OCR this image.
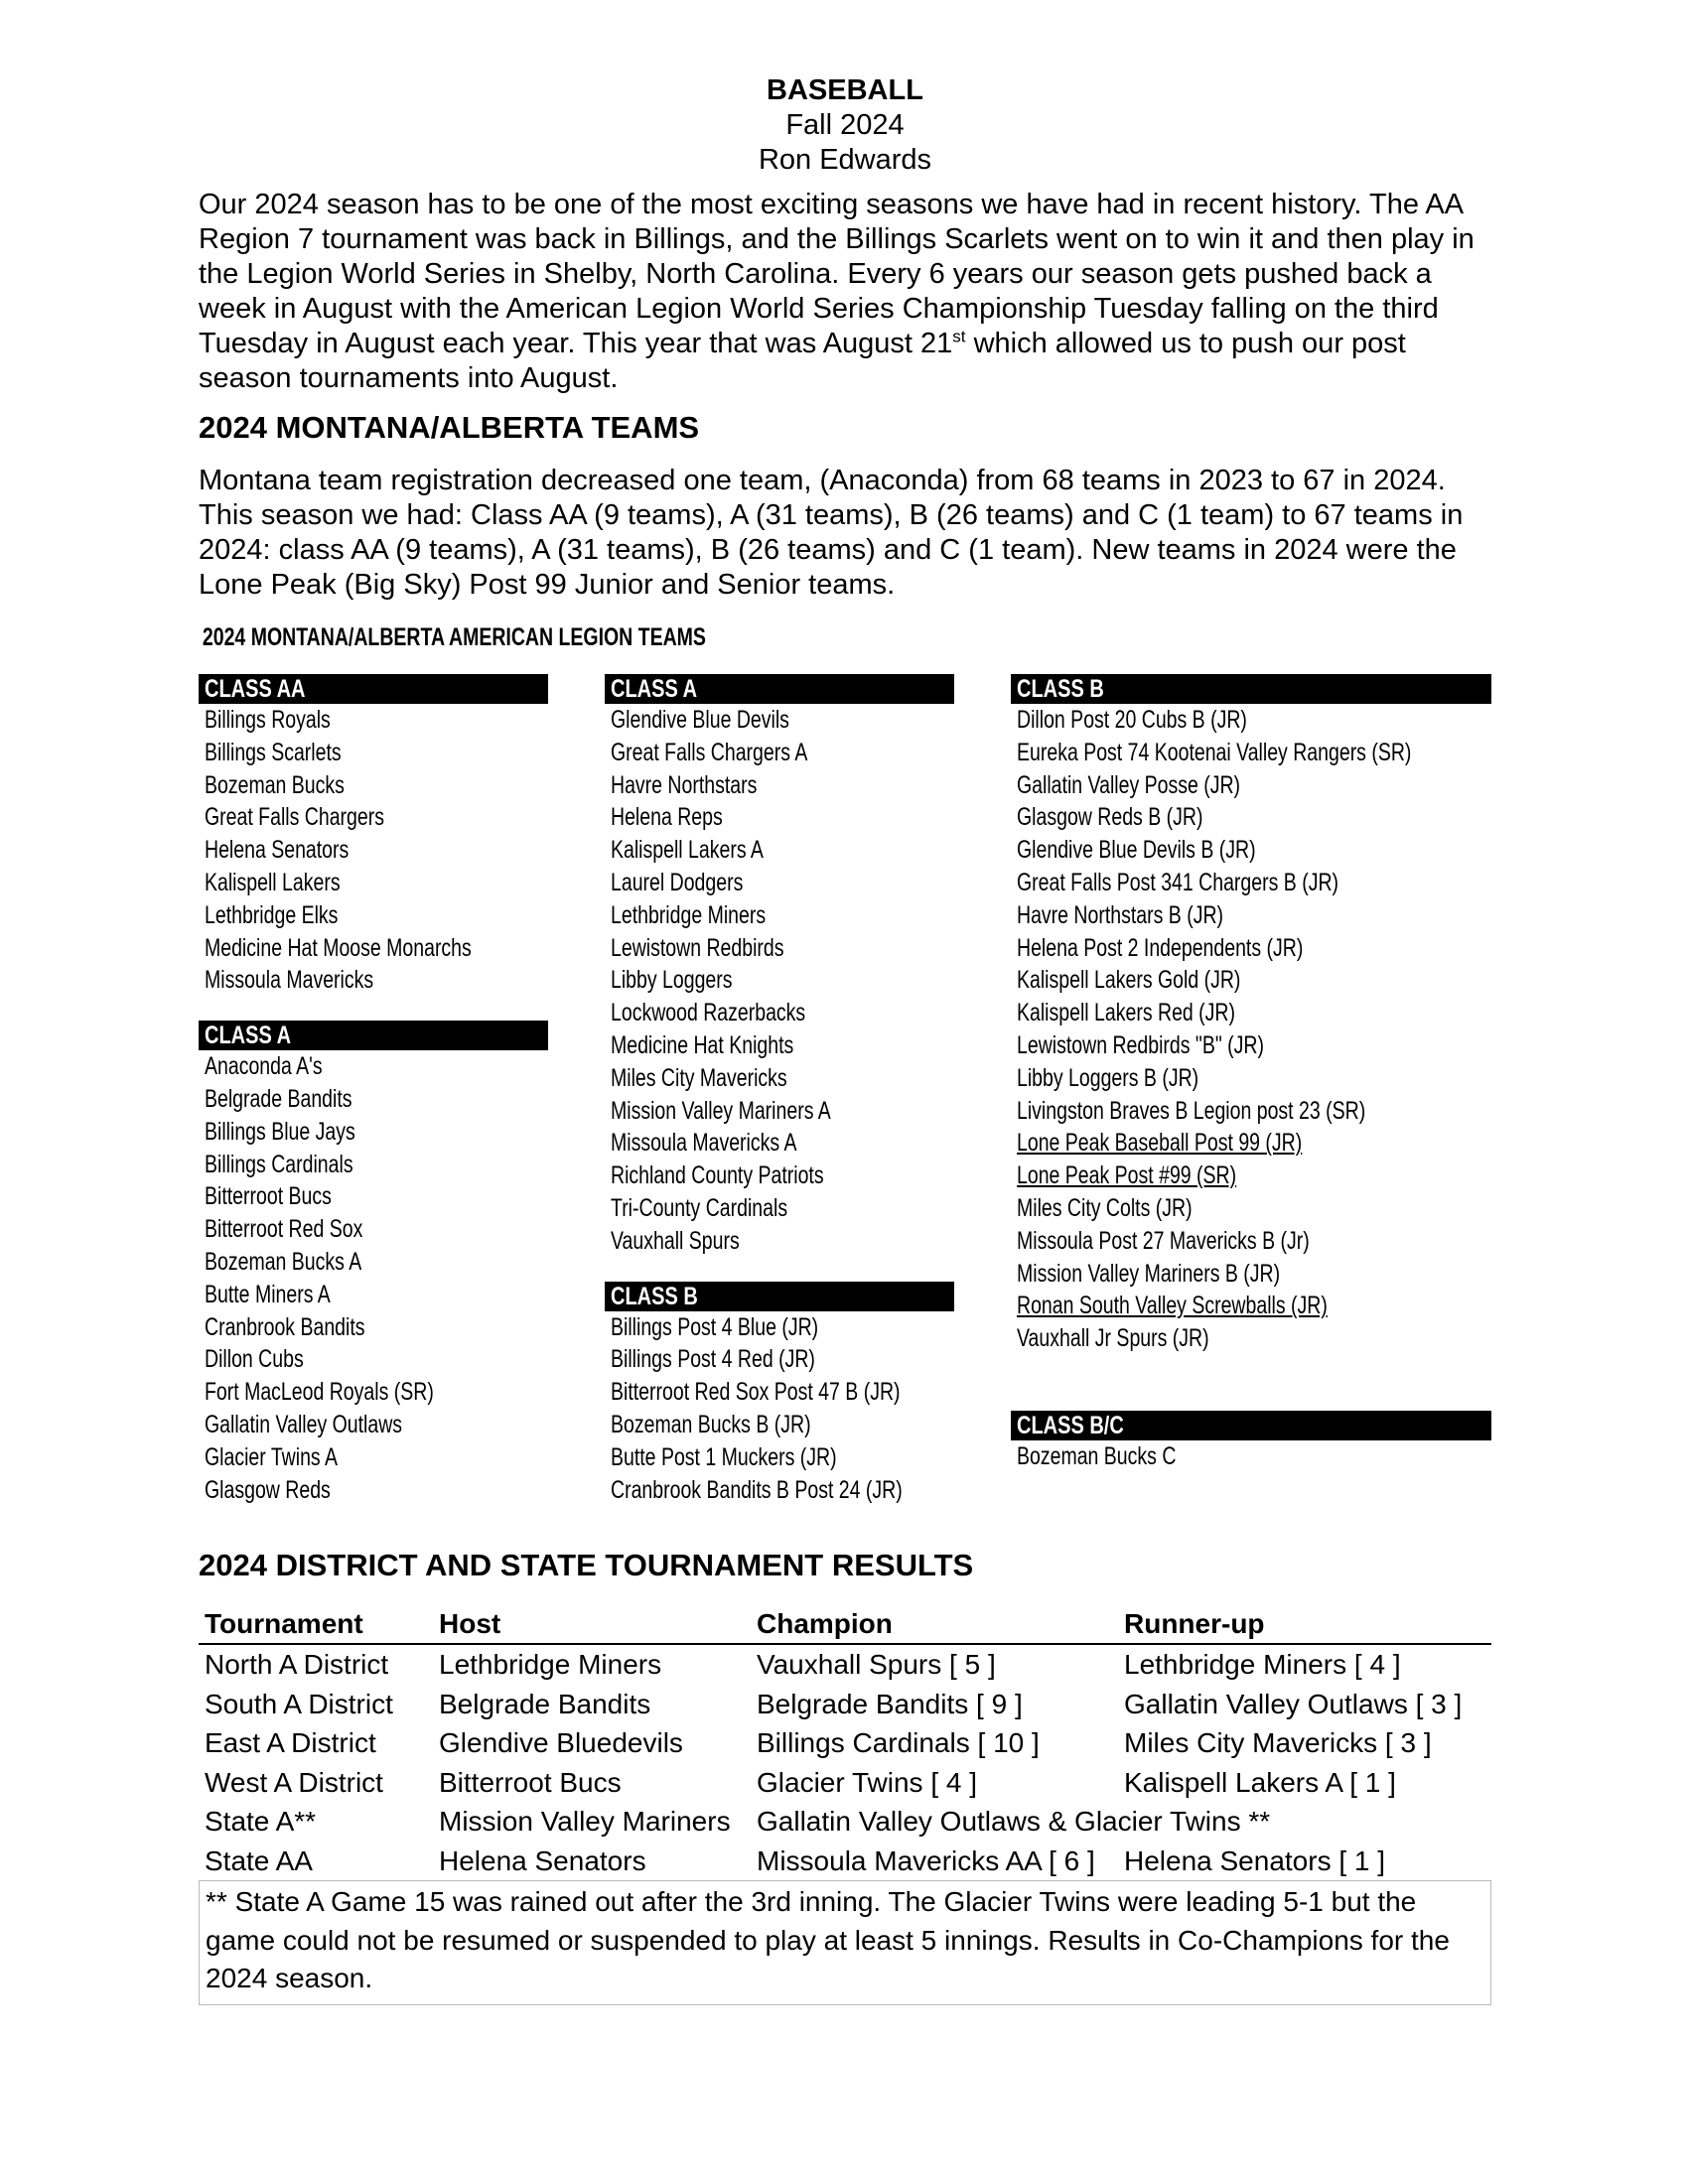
BASEBALL
Fall 2024
Ron Edwards

Our 2024 season has to be one of the most exciting seasons we have had in recent history. The AA Region 7 tournament was back in Billings, and the Billings Scarlets went on to win it and then play in the Legion World Series in Shelby, North Carolina. Every 6 years our season gets pushed back a week in August with the American Legion World Series Championship Tuesday falling on the third Tuesday in August each year. This year that was August 21st which allowed us to push our post season tournaments into August.

2024 MONTANA/ALBERTA TEAMS

Montana team registration decreased one team, (Anaconda) from 68 teams in 2023 to 67 in 2024. This season we had: Class AA (9 teams), A (31 teams), B (26 teams) and C (1 team) to 67 teams in 2024: class AA (9 teams), A (31 teams), B (26 teams) and C (1 team). New teams in 2024 were the Lone Peak (Big Sky) Post 99 Junior and Senior teams.

2024 MONTANA/ALBERTA AMERICAN LEGION TEAMS
CLASS AA
Billings Royals
Billings Scarlets
Bozeman Bucks
Great Falls Chargers
Helena Senators
Kalispell Lakers
Lethbridge Elks
Medicine Hat Moose Monarchs
Missoula Mavericks
CLASS A
Anaconda A's
Belgrade Bandits
Billings Blue Jays
Billings Cardinals
Bitterroot Bucs
Bitterroot Red Sox
Bozeman Bucks A
Butte Miners A
Cranbrook Bandits
Dillon Cubs
Fort MacLeod Royals (SR)
Gallatin Valley Outlaws
Glacier Twins A
Glasgow Reds
CLASS A
Glendive Blue Devils
Great Falls Chargers A
Havre Northstars
Helena Reps
Kalispell Lakers A
Laurel Dodgers
Lethbridge Miners
Lewistown Redbirds
Libby Loggers
Lockwood Razerbacks
Medicine Hat Knights
Miles City Mavericks
Mission Valley Mariners A
Missoula Mavericks A
Richland County Patriots
Tri-County Cardinals
Vauxhall Spurs
CLASS B
Billings Post 4 Blue (JR)
Billings Post 4 Red (JR)
Bitterroot Red Sox Post 47 B (JR)
Bozeman Bucks B (JR)
Butte Post 1 Muckers (JR)
Cranbrook Bandits B Post 24 (JR)
CLASS B
Dillon Post 20 Cubs B (JR)
Eureka Post 74 Kootenai Valley Rangers (SR)
Gallatin Valley Posse (JR)
Glasgow Reds B (JR)
Glendive Blue Devils B (JR)
Great Falls Post 341 Chargers B (JR)
Havre Northstars B (JR)
Helena Post 2 Independents (JR)
Kalispell Lakers Gold (JR)
Kalispell Lakers Red (JR)
Lewistown Redbirds "B" (JR)
Libby Loggers B (JR)
Livingston Braves B Legion post 23 (SR)
Lone Peak Baseball Post 99 (JR)
Lone Peak Post #99 (SR)
Miles City Colts (JR)
Missoula Post 27 Mavericks B (Jr)
Mission Valley Mariners B (JR)
Ronan South Valley Screwballs (JR)
Vauxhall Jr Spurs (JR)
CLASS B/C
Bozeman Bucks C
2024 DISTRICT AND STATE TOURNAMENT RESULTS
Tournament	Host	Champion	Runner-up
North A District	Lethbridge Miners	Vauxhall Spurs [ 5 ]	Lethbridge Miners [ 4 ]
South A District	Belgrade Bandits	Belgrade Bandits [ 9 ]	Gallatin Valley Outlaws [ 3 ]
East A District	Glendive Bluedevils	Billings Cardinals [ 10 ]	Miles City Mavericks [ 3 ]
West A District	Bitterroot Bucs	Glacier Twins [ 4 ]	Kalispell Lakers A [ 1 ]
State A**	Mission Valley Mariners	Gallatin Valley Outlaws & Glacier Twins **	
State AA	Helena Senators	Missoula Mavericks AA [ 6 ]	Helena Senators [ 1 ]
** State A Game 15 was rained out after the 3rd inning. The Glacier Twins were leading 5-1 but the game could not be resumed or suspended to play at least 5 innings. Results in Co-Champions for the 2024 season.
